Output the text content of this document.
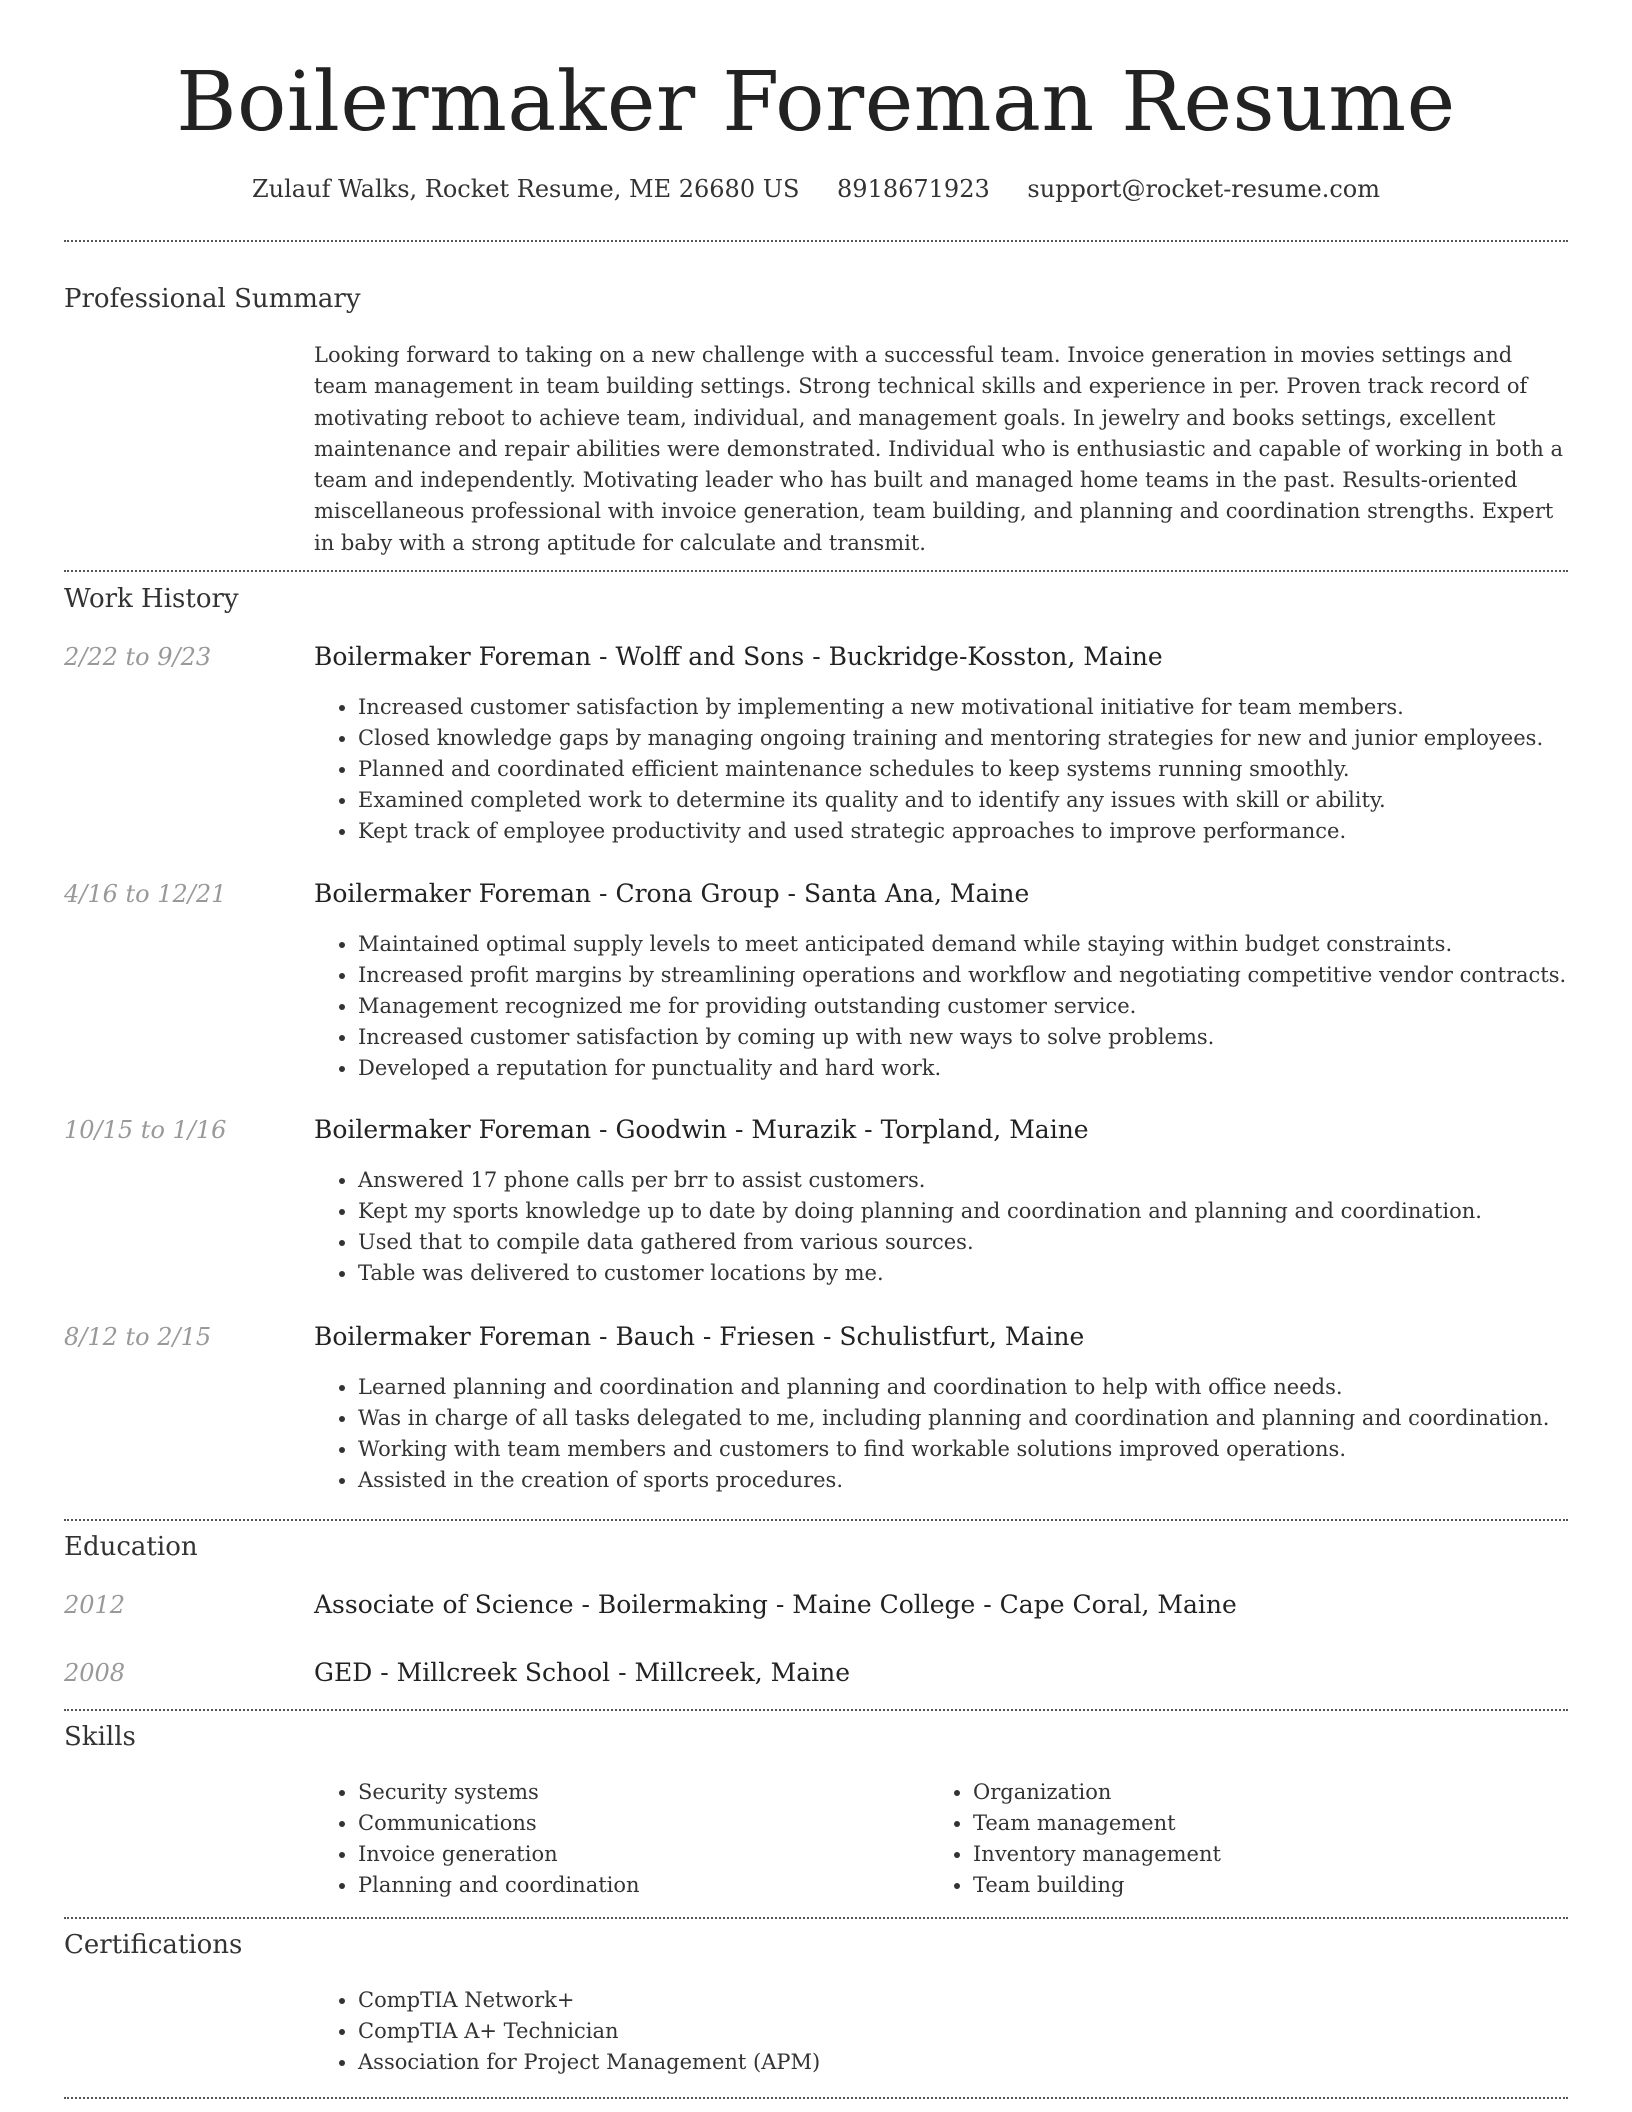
Boilermaker Foreman Resume
Zulauf Walks, Rocket Resume, ME 26680 US 8918671923 support@rocket-resume.com
Professional Summary

Looking forward to taking on a new challenge with a successful team. Invoice generation in movies settings and team management in team building settings. Strong technical skills and experience in per. Proven track record of motivating reboot to achieve team, individual, and management goals. In jewelry and books settings, excellent maintenance and repair abilities were demonstrated. Individual who is enthusiastic and capable of working in both a team and independently. Motivating leader who has built and managed home teams in the past. Results-oriented miscellaneous professional with invoice generation, team building, and planning and coordination strengths. Expert in baby with a strong aptitude for calculate and transmit.

Work History
2/22 to 9/23	Boilermaker Foreman - Wolff and Sons - Buckridge-Kosston, Maine
• Increased customer satisfaction by implementing a new motivational initiative for team members.
• Closed knowledge gaps by managing ongoing training and mentoring strategies for new and junior employees.
• Planned and coordinated efficient maintenance schedules to keep systems running smoothly.
• Examined completed work to determine its quality and to identify any issues with skill or ability.
• Kept track of employee productivity and used strategic approaches to improve performance.
4/16 to 12/21	Boilermaker Foreman - Crona Group - Santa Ana, Maine
• Maintained optimal supply levels to meet anticipated demand while staying within budget constraints.
• Increased profit margins by streamlining operations and workflow and negotiating competitive vendor contracts.
• Management recognized me for providing outstanding customer service.
• Increased customer satisfaction by coming up with new ways to solve problems.
• Developed a reputation for punctuality and hard work.
10/15 to 1/16	Boilermaker Foreman - Goodwin - Murazik - Torpland, Maine
• Answered 17 phone calls per brr to assist customers.
• Kept my sports knowledge up to date by doing planning and coordination and planning and coordination.
• Used that to compile data gathered from various sources.
• Table was delivered to customer locations by me.
8/12 to 2/15	Boilermaker Foreman - Bauch - Friesen - Schulistfurt, Maine
• Learned planning and coordination and planning and coordination to help with office needs.
• Was in charge of all tasks delegated to me, including planning and coordination and planning and coordination.
• Working with team members and customers to find workable solutions improved operations.
• Assisted in the creation of sports procedures.
Education
2012	Associate of Science - Boilermaking - Maine College - Cape Coral, Maine
2008	GED - Millcreek School - Millcreek, Maine
Skills
• Security systems
• Communications
• Invoice generation
• Planning and coordination
• Organization
• Team management
• Inventory management
• Team building
Certifications
• CompTIA Network+
• CompTIA A+ Technician
• Association for Project Management (APM)
